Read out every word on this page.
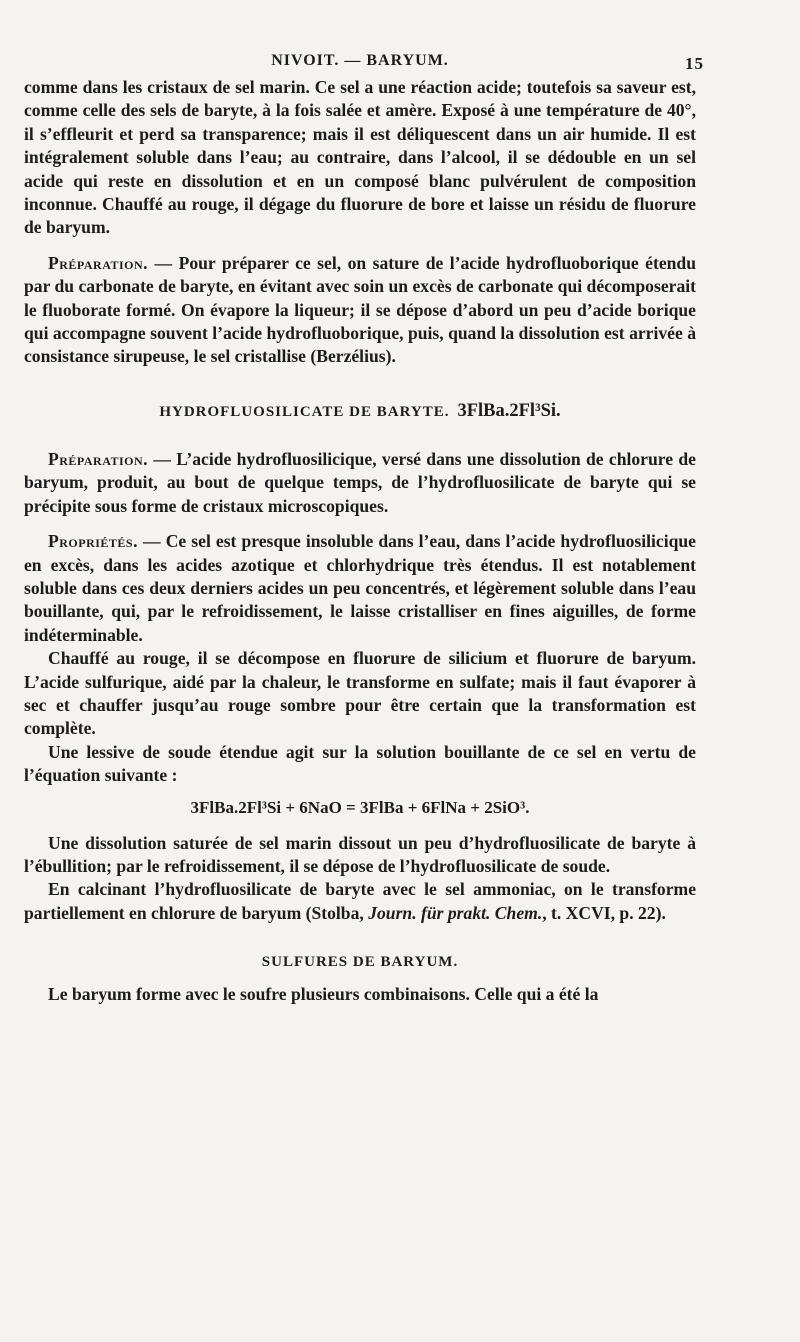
NIVOIT. — BARYUM.	15

comme dans les cristaux de sel marin. Ce sel a une réaction acide; toutefois sa saveur est, comme celle des sels de baryte, à la fois salée et amère. Exposé à une température de 40°, il s’effleurit et perd sa transparence; mais il est déliquescent dans un air humide. Il est intégralement soluble dans l’eau; au contraire, dans l’alcool, il se dédouble en un sel acide qui reste en dissolution et en un composé blanc pulvérulent de composition inconnue. Chauffé au rouge, il dégage du fluorure de bore et laisse un résidu de fluorure de baryum.

Préparation. — Pour préparer ce sel, on sature de l’acide hydrofluoborique étendu par du carbonate de baryte, en évitant avec soin un excès de carbonate qui décomposerait le fluoborate formé. On évapore la liqueur; il se dépose d’abord un peu d’acide borique qui accompagne souvent l’acide hydrofluoborique, puis, quand la dissolution est arrivée à consistance sirupeuse, le sel cristallise (Berzélius).

HYDROFLUOSILICATE DE BARYTE. 3FlBa.2Fl³Si.

Préparation. — L’acide hydrofluosilicique, versé dans une dissolution de chlorure de baryum, produit, au bout de quelque temps, de l’hydrofluosilicate de baryte qui se précipite sous forme de cristaux microscopiques.

Propriétés. — Ce sel est presque insoluble dans l’eau, dans l’acide hydrofluosilicique en excès, dans les acides azotique et chlorhydrique très étendus. Il est notablement soluble dans ces deux derniers acides un peu concentrés, et légèrement soluble dans l’eau bouillante, qui, par le refroidissement, le laisse cristalliser en fines aiguilles, de forme indéterminable.

Chauffé au rouge, il se décompose en fluorure de silicium et fluorure de baryum. L’acide sulfurique, aidé par la chaleur, le transforme en sulfate; mais il faut évaporer à sec et chauffer jusqu’au rouge sombre pour être certain que la transformation est complète.

Une lessive de soude étendue agit sur la solution bouillante de ce sel en vertu de l’équation suivante :

3FlBa.2Fl³Si + 6NaO = 3FlBa + 6FlNa + 2SiO³.

Une dissolution saturée de sel marin dissout un peu d’hydrofluosilicate de baryte à l’ébullition; par le refroidissement, il se dépose de l’hydrofluosilicate de soude.

En calcinant l’hydrofluosilicate de baryte avec le sel ammoniac, on le transforme partiellement en chlorure de baryum (Stolba, Journ. für prakt. Chem., t. XCVI, p. 22).

SULFURES DE BARYUM.

Le baryum forme avec le soufre plusieurs combinaisons. Celle qui a été la
